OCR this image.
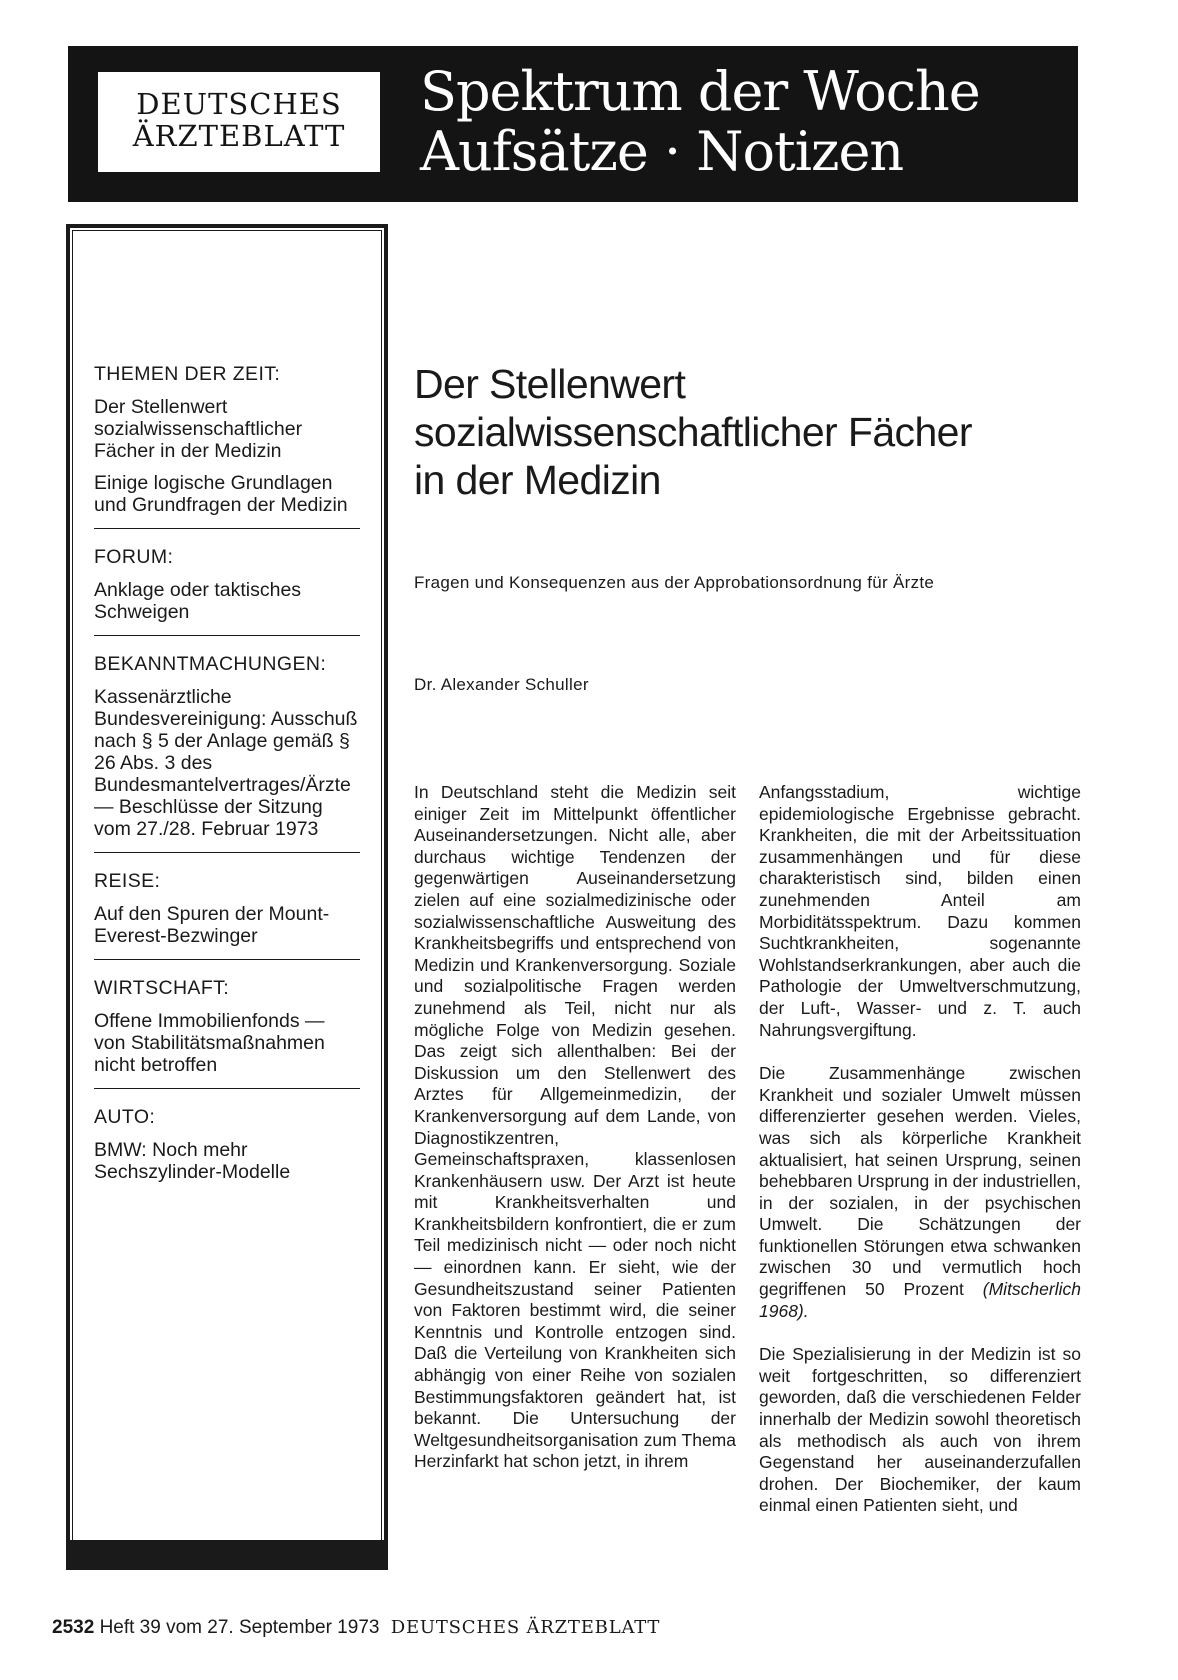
DEUTSCHES
ÄRZTEBLATT
Spektrum der Woche
Aufsätze · Notizen
THEMEN DER ZEIT:
Der Stellenwert sozialwissenschaftlicher Fächer in der Medizin
Einige logische Grundlagen und Grundfragen der Medizin
FORUM:
Anklage oder taktisches Schweigen
BEKANNTMACHUNGEN:
Kassenärztliche Bundesvereinigung: Ausschuß nach § 5 der Anlage gemäß § 26 Abs. 3 des Bundesmantelvertrages/Ärzte — Beschlüsse der Sitzung vom 27./28. Februar 1973
REISE:
Auf den Spuren der Mount-Everest-Bezwinger
WIRTSCHAFT:
Offene Immobilienfonds — von Stabilitätsmaßnahmen nicht betroffen
AUTO:
BMW: Noch mehr Sechszylinder-Modelle
Der Stellenwert
sozialwissenschaftlicher Fächer
in der Medizin
Fragen und Konsequenzen aus der Approbationsordnung für Ärzte
Dr. Alexander Schuller

In Deutschland steht die Medizin seit einiger Zeit im Mittelpunkt öffentlicher Auseinandersetzungen. Nicht alle, aber durchaus wichtige Tendenzen der gegenwärtigen Auseinandersetzung zielen auf eine sozialmedizinische oder sozialwissenschaftliche Ausweitung des Krankheitsbegriffs und entsprechend von Medizin und Krankenversorgung. Soziale und sozialpolitische Fragen werden zunehmend als Teil, nicht nur als mögliche Folge von Medizin gesehen. Das zeigt sich allenthalben: Bei der Diskussion um den Stellenwert des Arztes für Allgemeinmedizin, der Krankenversorgung auf dem Lande, von Diagnostikzentren, Gemeinschaftspraxen, klassenlosen Krankenhäusern usw. Der Arzt ist heute mit Krankheitsverhalten und Krankheitsbildern konfrontiert, die er zum Teil medizinisch nicht — oder noch nicht — einordnen kann. Er sieht, wie der Gesundheitszustand seiner Patienten von Faktoren bestimmt wird, die seiner Kenntnis und Kontrolle entzogen sind. Daß die Verteilung von Krankheiten sich abhängig von einer Reihe von sozialen Bestimmungsfaktoren geändert hat, ist bekannt. Die Untersuchung der Weltgesundheitsorganisation zum Thema Herzinfarkt hat schon jetzt, in ihrem

Anfangsstadium, wichtige epidemiologische Ergebnisse gebracht. Krankheiten, die mit der Arbeitssituation zusammenhängen und für diese charakteristisch sind, bilden einen zunehmenden Anteil am Morbiditätsspektrum. Dazu kommen Suchtkrankheiten, sogenannte Wohlstandserkrankungen, aber auch die Pathologie der Umweltverschmutzung, der Luft-, Wasser- und z. T. auch Nahrungsvergiftung.

Die Zusammenhänge zwischen Krankheit und sozialer Umwelt müssen differenzierter gesehen werden. Vieles, was sich als körperliche Krankheit aktualisiert, hat seinen Ursprung, seinen behebbaren Ursprung in der industriellen, in der sozialen, in der psychischen Umwelt. Die Schätzungen der funktionellen Störungen etwa schwanken zwischen 30 und vermutlich hoch gegriffenen 50 Prozent (Mitscherlich 1968).

Die Spezialisierung in der Medizin ist so weit fortgeschritten, so differenziert geworden, daß die verschiedenen Felder innerhalb der Medizin sowohl theoretisch als methodisch als auch von ihrem Gegenstand her auseinanderzufallen drohen. Der Biochemiker, der kaum einmal einen Patienten sieht, und

2532 Heft 39 vom 27. September 1973 DEUTSCHES ÄRZTEBLATT
